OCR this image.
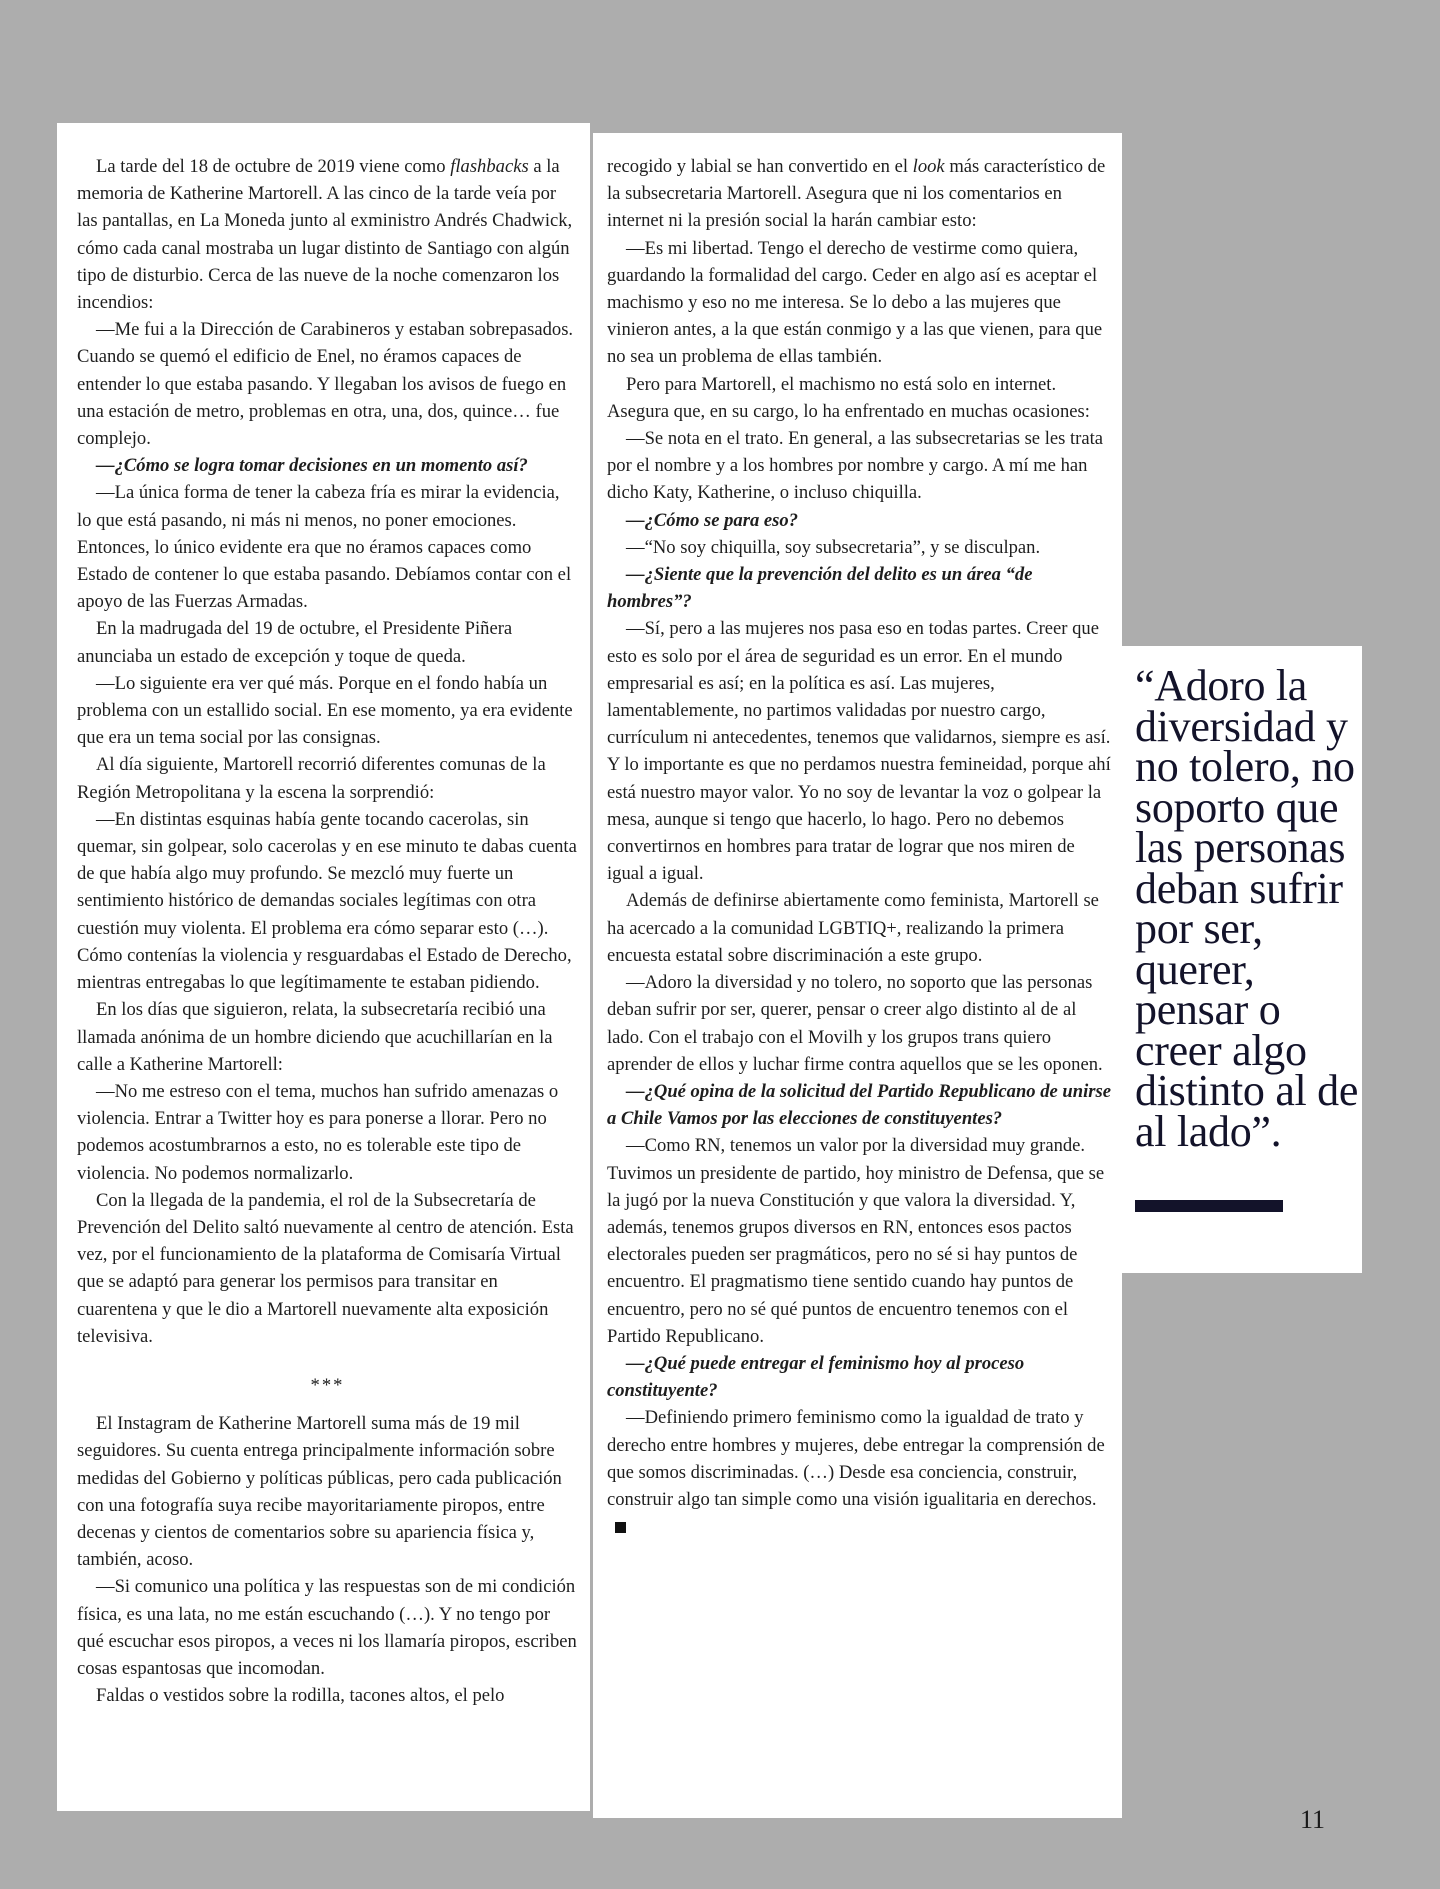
La tarde del 18 de octubre de 2019 viene como flashbacks a la memoria de Katherine Martorell. A las cinco de la tarde veía por las pantallas, en La Moneda junto al exministro Andrés Chadwick, cómo cada canal mostraba un lugar distinto de Santiago con algún tipo de disturbio. Cerca de las nueve de la noche comenzaron los incendios:

—Me fui a la Dirección de Carabineros y estaban sobrepasados. Cuando se quemó el edificio de Enel, no éramos capaces de entender lo que estaba pasando. Y llegaban los avisos de fuego en una estación de metro, problemas en otra, una, dos, quince… fue complejo.

—¿Cómo se logra tomar decisiones en un momento así?

—La única forma de tener la cabeza fría es mirar la evidencia, lo que está pasando, ni más ni menos, no poner emociones. Entonces, lo único evidente era que no éramos capaces como Estado de contener lo que estaba pasando. Debíamos contar con el apoyo de las Fuerzas Armadas.

En la madrugada del 19 de octubre, el Presidente Piñera anunciaba un estado de excepción y toque de queda.

—Lo siguiente era ver qué más. Porque en el fondo había un problema con un estallido social. En ese momento, ya era evidente que era un tema social por las consignas.

Al día siguiente, Martorell recorrió diferentes comunas de la Región Metropolitana y la escena la sorprendió:

—En distintas esquinas había gente tocando cacerolas, sin quemar, sin golpear, solo cacerolas y en ese minuto te dabas cuenta de que había algo muy profundo. Se mezcló muy fuerte un sentimiento histórico de demandas sociales legítimas con otra cuestión muy violenta. El problema era cómo separar esto (…). Cómo contenías la violencia y resguardabas el Estado de Derecho, mientras entregabas lo que legítimamente te estaban pidiendo.

En los días que siguieron, relata, la subsecretaría recibió una llamada anónima de un hombre diciendo que acuchillarían en la calle a Katherine Martorell:

—No me estreso con el tema, muchos han sufrido amenazas o violencia. Entrar a Twitter hoy es para ponerse a llorar. Pero no podemos acostumbrarnos a esto, no es tolerable este tipo de violencia. No podemos normalizarlo.

Con la llegada de la pandemia, el rol de la Subsecretaría de Prevención del Delito saltó nuevamente al centro de atención. Esta vez, por el funcionamiento de la plataforma de Comisaría Virtual que se adaptó para generar los permisos para transitar en cuarentena y que le dio a Martorell nuevamente alta exposición televisiva.

***

El Instagram de Katherine Martorell suma más de 19 mil seguidores. Su cuenta entrega principalmente información sobre medidas del Gobierno y políticas públicas, pero cada publicación con una fotografía suya recibe mayoritariamente piropos, entre decenas y cientos de comentarios sobre su apariencia física y, también, acoso.

—Si comunico una política y las respuestas son de mi condición física, es una lata, no me están escuchando (…). Y no tengo por qué escuchar esos piropos, a veces ni los llamaría piropos, escriben cosas espantosas que incomodan.

Faldas o vestidos sobre la rodilla, tacones altos, el pelo

recogido y labial se han convertido en el look más característico de la subsecretaria Martorell. Asegura que ni los comentarios en internet ni la presión social la harán cambiar esto:

—Es mi libertad. Tengo el derecho de vestirme como quiera, guardando la formalidad del cargo. Ceder en algo así es aceptar el machismo y eso no me interesa. Se lo debo a las mujeres que vinieron antes, a la que están conmigo y a las que vienen, para que no sea un problema de ellas también.

Pero para Martorell, el machismo no está solo en internet. Asegura que, en su cargo, lo ha enfrentado en muchas ocasiones:

—Se nota en el trato. En general, a las subsecretarias se les trata por el nombre y a los hombres por nombre y cargo. A mí me han dicho Katy, Katherine, o incluso chiquilla.

—¿Cómo se para eso?

—“No soy chiquilla, soy subsecretaria”, y se disculpan.

—¿Siente que la prevención del delito es un área “de hombres”?

—Sí, pero a las mujeres nos pasa eso en todas partes. Creer que esto es solo por el área de seguridad es un error. En el mundo empresarial es así; en la política es así. Las mujeres, lamentablemente, no partimos validadas por nuestro cargo, currículum ni antecedentes, tenemos que validarnos, siempre es así. Y lo importante es que no perdamos nuestra femineidad, porque ahí está nuestro mayor valor. Yo no soy de levantar la voz o golpear la mesa, aunque si tengo que hacerlo, lo hago. Pero no debemos convertirnos en hombres para tratar de lograr que nos miren de igual a igual.

Además de definirse abiertamente como feminista, Martorell se ha acercado a la comunidad LGBTIQ+, realizando la primera encuesta estatal sobre discriminación a este grupo.

—Adoro la diversidad y no tolero, no soporto que las personas deban sufrir por ser, querer, pensar o creer algo distinto al de al lado. Con el trabajo con el Movilh y los grupos trans quiero aprender de ellos y luchar firme contra aquellos que se les oponen.

—¿Qué opina de la solicitud del Partido Republicano de unirse a Chile Vamos por las elecciones de constituyentes?

—Como RN, tenemos un valor por la diversidad muy grande. Tuvimos un presidente de partido, hoy ministro de Defensa, que se la jugó por la nueva Constitución y que valora la diversidad. Y, además, tenemos grupos diversos en RN, entonces esos pactos electorales pueden ser pragmáticos, pero no sé si hay puntos de encuentro. El pragmatismo tiene sentido cuando hay puntos de encuentro, pero no sé qué puntos de encuentro tenemos con el Partido Republicano.

—¿Qué puede entregar el feminismo hoy al proceso constituyente?

—Definiendo primero feminismo como la igualdad de trato y derecho entre hombres y mujeres, debe entregar la comprensión de que somos discriminadas. (…) Desde esa conciencia, construir, construir algo tan simple como una visión igualitaria en derechos.

“Adoro la diversidad y no tolero, no soporto que las personas deban sufrir por ser, querer, pensar o creer algo distinto al de al lado”.

11
